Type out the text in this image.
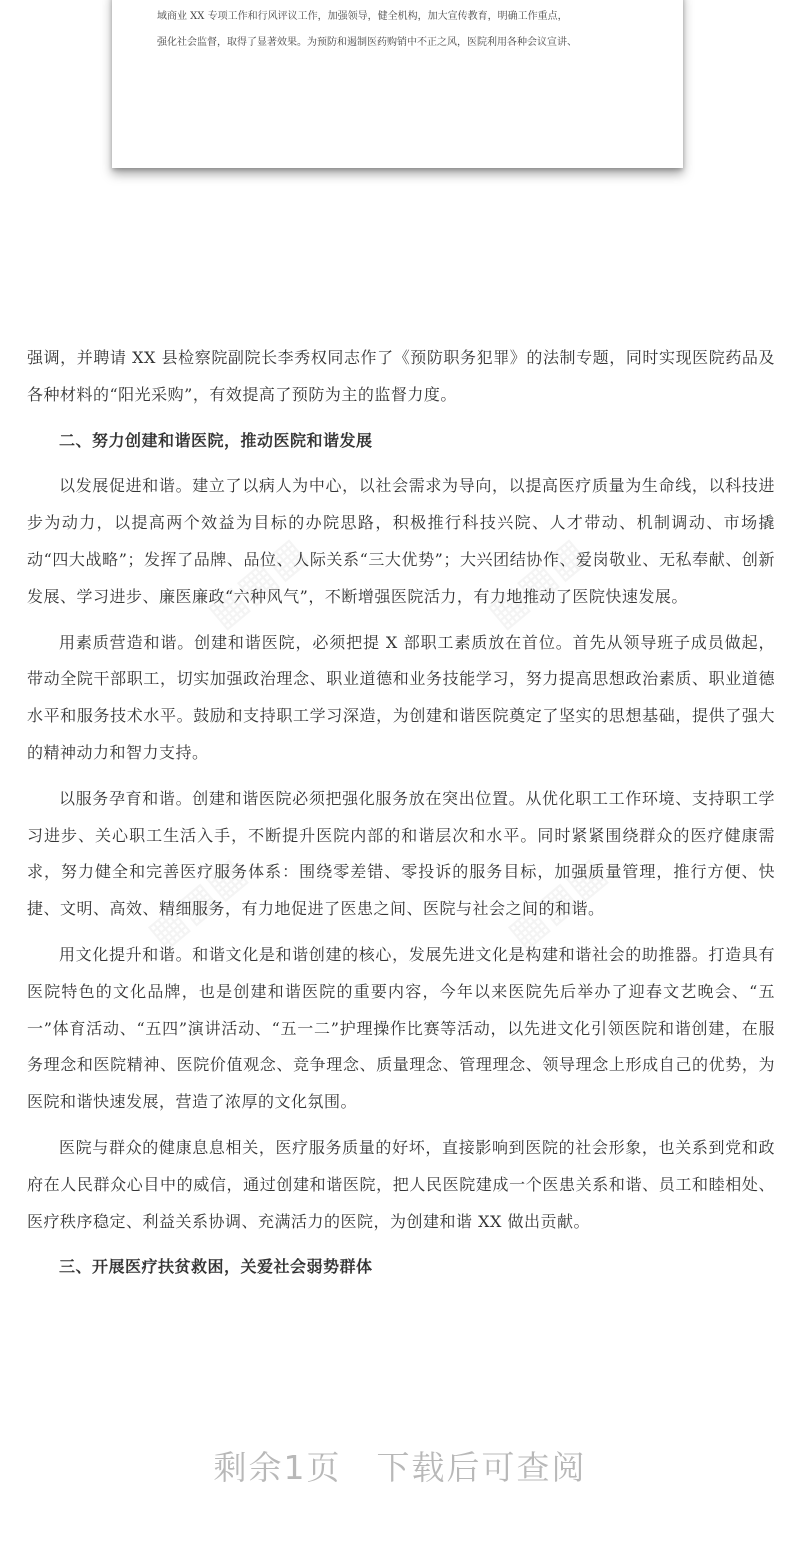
域商业 XX 专项工作和行风评议工作，加强领导，健全机构，加大宣传教育，明确工作重点，

强化社会监督，取得了显著效果。为预防和遏制医药购销中不正之风，医院利用各种会议宣讲、

强调，并聘请 XX 县检察院副院长李秀权同志作了《预防职务犯罪》的法制专题，同时实现医院药品及各种材料的“阳光采购”，有效提高了预防为主的监督力度。

二、努力创建和谐医院，推动医院和谐发展

以发展促进和谐。建立了以病人为中心，以社会需求为导向，以提高医疗质量为生命线，以科技进步为动力，以提高两个效益为目标的办院思路，积极推行科技兴院、人才带动、机制调动、市场撬动“四大战略”；发挥了品牌、品位、人际关系“三大优势”；大兴团结协作、爱岗敬业、无私奉献、创新发展、学习进步、廉医廉政“六种风气”，不断增强医院活力，有力地推动了医院快速发展。

用素质营造和谐。创建和谐医院，必须把提 X 部职工素质放在首位。首先从领导班子成员做起，带动全院干部职工，切实加强政治理念、职业道德和业务技能学习，努力提高思想政治素质、职业道德水平和服务技术水平。鼓励和支持职工学习深造，为创建和谐医院奠定了坚实的思想基础，提供了强大的精神动力和智力支持。

以服务孕育和谐。创建和谐医院必须把强化服务放在突出位置。从优化职工工作环境、支持职工学习进步、关心职工生活入手，不断提升医院内部的和谐层次和水平。同时紧紧围绕群众的医疗健康需求，努力健全和完善医疗服务体系：围绕零差错、零投诉的服务目标，加强质量管理，推行方便、快捷、文明、高效、精细服务，有力地促进了医患之间、医院与社会之间的和谐。

用文化提升和谐。和谐文化是和谐创建的核心，发展先进文化是构建和谐社会的助推器。打造具有医院特色的文化品牌，也是创建和谐医院的重要内容，今年以来医院先后举办了迎春文艺晚会、“五一”体育活动、“五四”演讲活动、“五一二”护理操作比赛等活动，以先进文化引领医院和谐创建，在服务理念和医院精神、医院价值观念、竞争理念、质量理念、管理理念、领导理念上形成自己的优势，为医院和谐快速发展，营造了浓厚的文化氛围。

医院与群众的健康息息相关，医疗服务质量的好坏，直接影响到医院的社会形象，也关系到党和政府在人民群众心目中的威信，通过创建和谐医院，把人民医院建成一个医患关系和谐、员工和睦相处、医疗秩序稳定、利益关系协调、充满活力的医院，为创建和谐 XX 做出贡献。

三、开展医疗扶贫救困，关爱社会弱势群体

剩余1页　下载后可查阅
